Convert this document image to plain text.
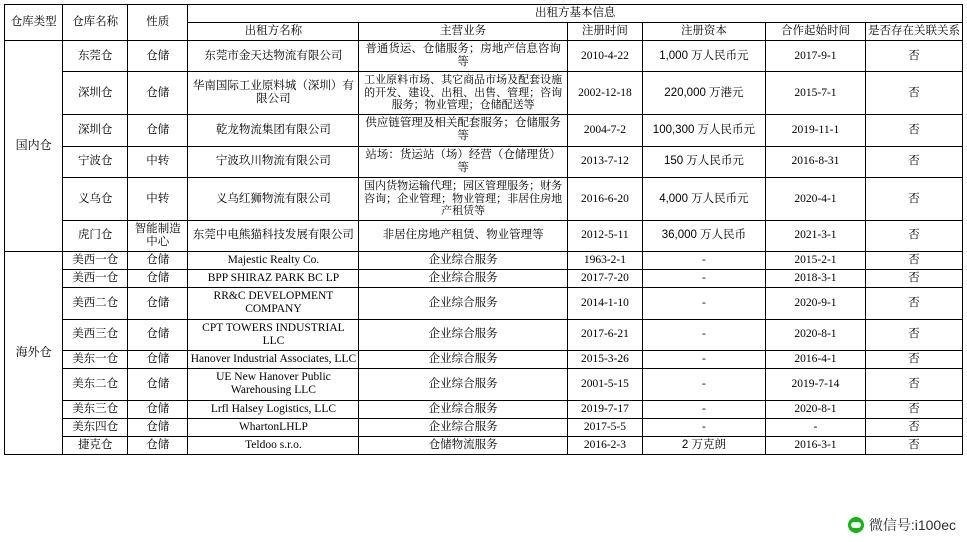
仓库类型	仓库名称	性质	出租方基本信息					
			出租方名称	主营业务	注册时间	注册资本	合作起始时间	是否存在关联关系
国内仓	东莞仓	仓储	东莞市金天达物流有限公司	普通货运、仓储服务；房地产信息咨询等	2010-4-22	1,000 万人民币元	2017-9-1	否
	深圳仓	仓储	华南国际工业原料城（深圳）有限公司	工业原料市场、其它商品市场及配套设施的开发、建设、出租、出售、管理；咨询服务；物业管理；仓储配送等	2002-12-18	220,000 万港元	2015-7-1	否
	深圳仓	仓储	乾龙物流集团有限公司	供应链管理及相关配套服务；仓储服务等	2004-7-2	100,300 万人民币元	2019-11-1	否
	宁波仓	中转	宁波玖川物流有限公司	站场：货运站（场）经营（仓储理货）等	2013-7-12	150 万人民币元	2016-8-31	否
	义乌仓	中转	义乌红狮物流有限公司	国内货物运输代理；园区管理服务；财务咨询；企业管理；物业管理；非居住房地产租赁等	2016-6-20	4,000 万人民币元	2020-4-1	否
	虎门仓	智能制造中心	东莞中电熊猫科技发展有限公司	非居住房地产租赁、物业管理等	2012-5-11	36,000 万人民币	2021-3-1	否
海外仓	美西一仓	仓储	Majestic Realty Co.	企业综合服务	1963-2-1	-	2015-2-1	否
	美西一仓	仓储	BPP SHIRAZ PARK BC LP	企业综合服务	2017-7-20	-	2018-3-1	否
	美西二仓	仓储	RR&C DEVELOPMENT COMPANY	企业综合服务	2014-1-10	-	2020-9-1	否
	美西三仓	仓储	CPT TOWERS INDUSTRIAL LLC	企业综合服务	2017-6-21	-	2020-8-1	否
	美东一仓	仓储	Hanover Industrial Associates, LLC	企业综合服务	2015-3-26	-	2016-4-1	否
	美东二仓	仓储	UE New Hanover Public Warehousing LLC	企业综合服务	2001-5-15	-	2019-7-14	否
	美东三仓	仓储	Lrfl Halsey Logistics, LLC	企业综合服务	2019-7-17	-	2020-8-1	否
	美东四仓	仓储	WhartonLHLP	企业综合服务	2017-5-5	-	-	否
	捷克仓	仓储	Teldoo s.r.o.	仓储物流服务	2016-2-3	2 万克朗	2016-3-1	否
微信号:i100ec
